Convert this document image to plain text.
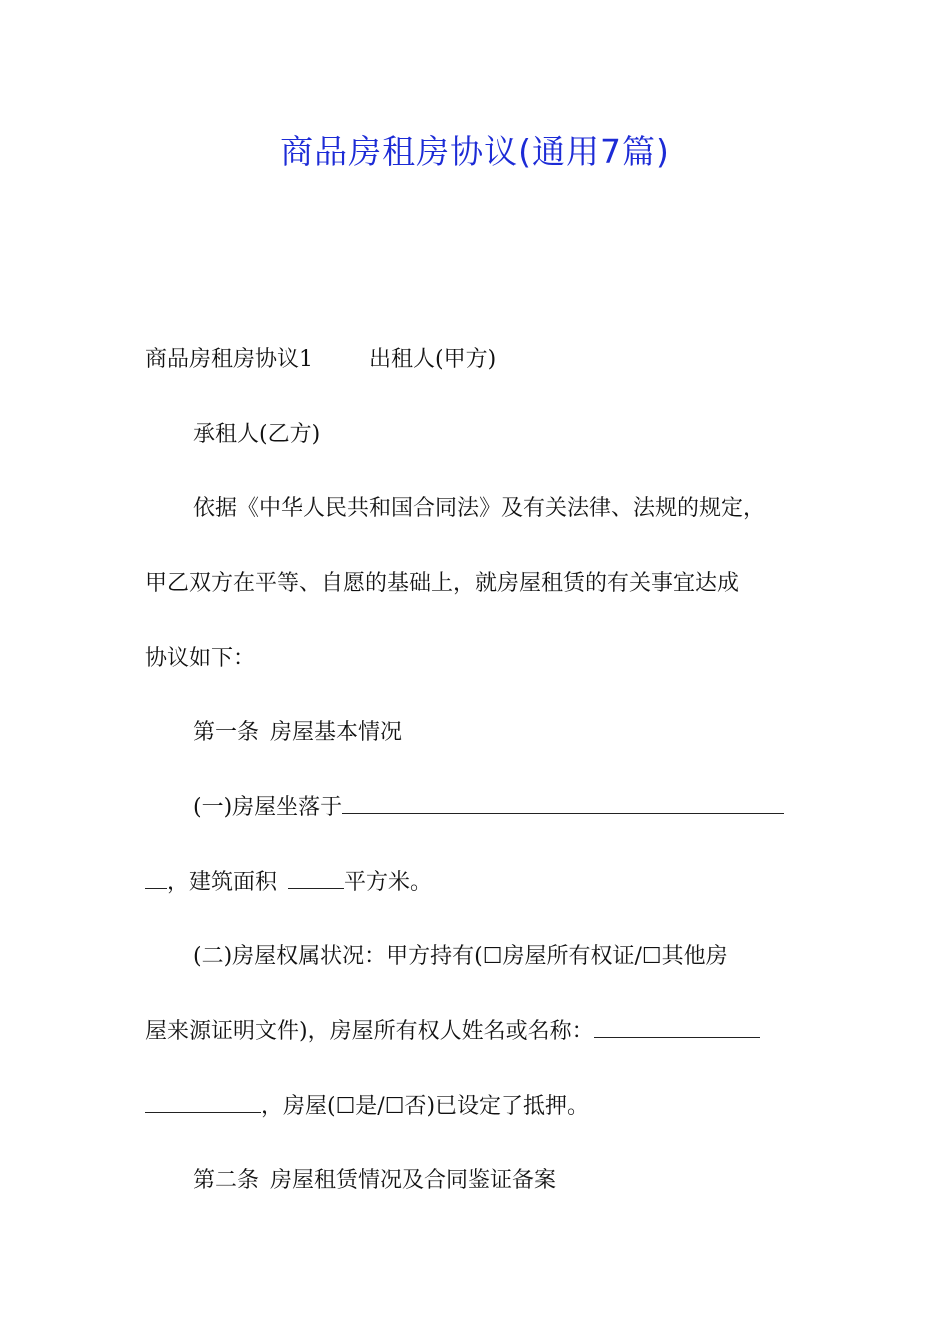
商品房租房协议(通用7篇)
商品房租房协议1	出租人(甲方)
承租人(乙方)
依据《中华人民共和国合同法》及有关法律、法规的规定，
甲乙双方在平等、自愿的基础上，就房屋租赁的有关事宜达成
协议如下：
第一条 房屋基本情况
(一)房屋坐落于
，建筑面积	平方米。
(二)房屋权属状况：甲方持有(☐房屋所有权证/☐其他房
屋来源证明文件)，房屋所有权人姓名或名称：
，房屋(☐是/☐否)已设定了抵押。
第二条 房屋租赁情况及合同鉴证备案
